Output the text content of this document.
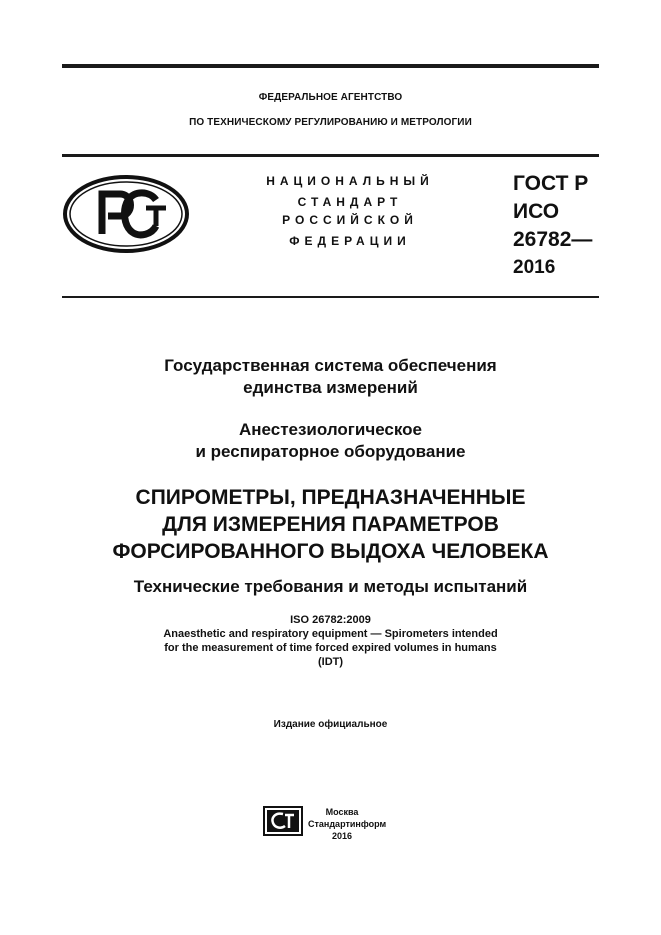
ФЕДЕРАЛЬНОЕ АГЕНТСТВО
ПО ТЕХНИЧЕСКОМУ РЕГУЛИРОВАНИЮ И МЕТРОЛОГИИ
НАЦИОНАЛЬНЫЙ
СТАНДАРТ
РОССИЙСКОЙ
ФЕДЕРАЦИИ
ГОСТ Р
ИСО
26782—
2016
Государственная система обеспечения
единства измерений
Анестезиологическое
и респираторное оборудование
СПИРОМЕТРЫ, ПРЕДНАЗНАЧЕННЫЕ
ДЛЯ ИЗМЕРЕНИЯ ПАРАМЕТРОВ
ФОРСИРОВАННОГО ВЫДОХА ЧЕЛОВЕКА
Технические требования и методы испытаний
ISO 26782:2009
Anaesthetic and respiratory equipment — Spirometers intended
for the measurement of time forced expired volumes in humans
(IDT)
Издание официальное
Москва
Стандартинформ
2016
